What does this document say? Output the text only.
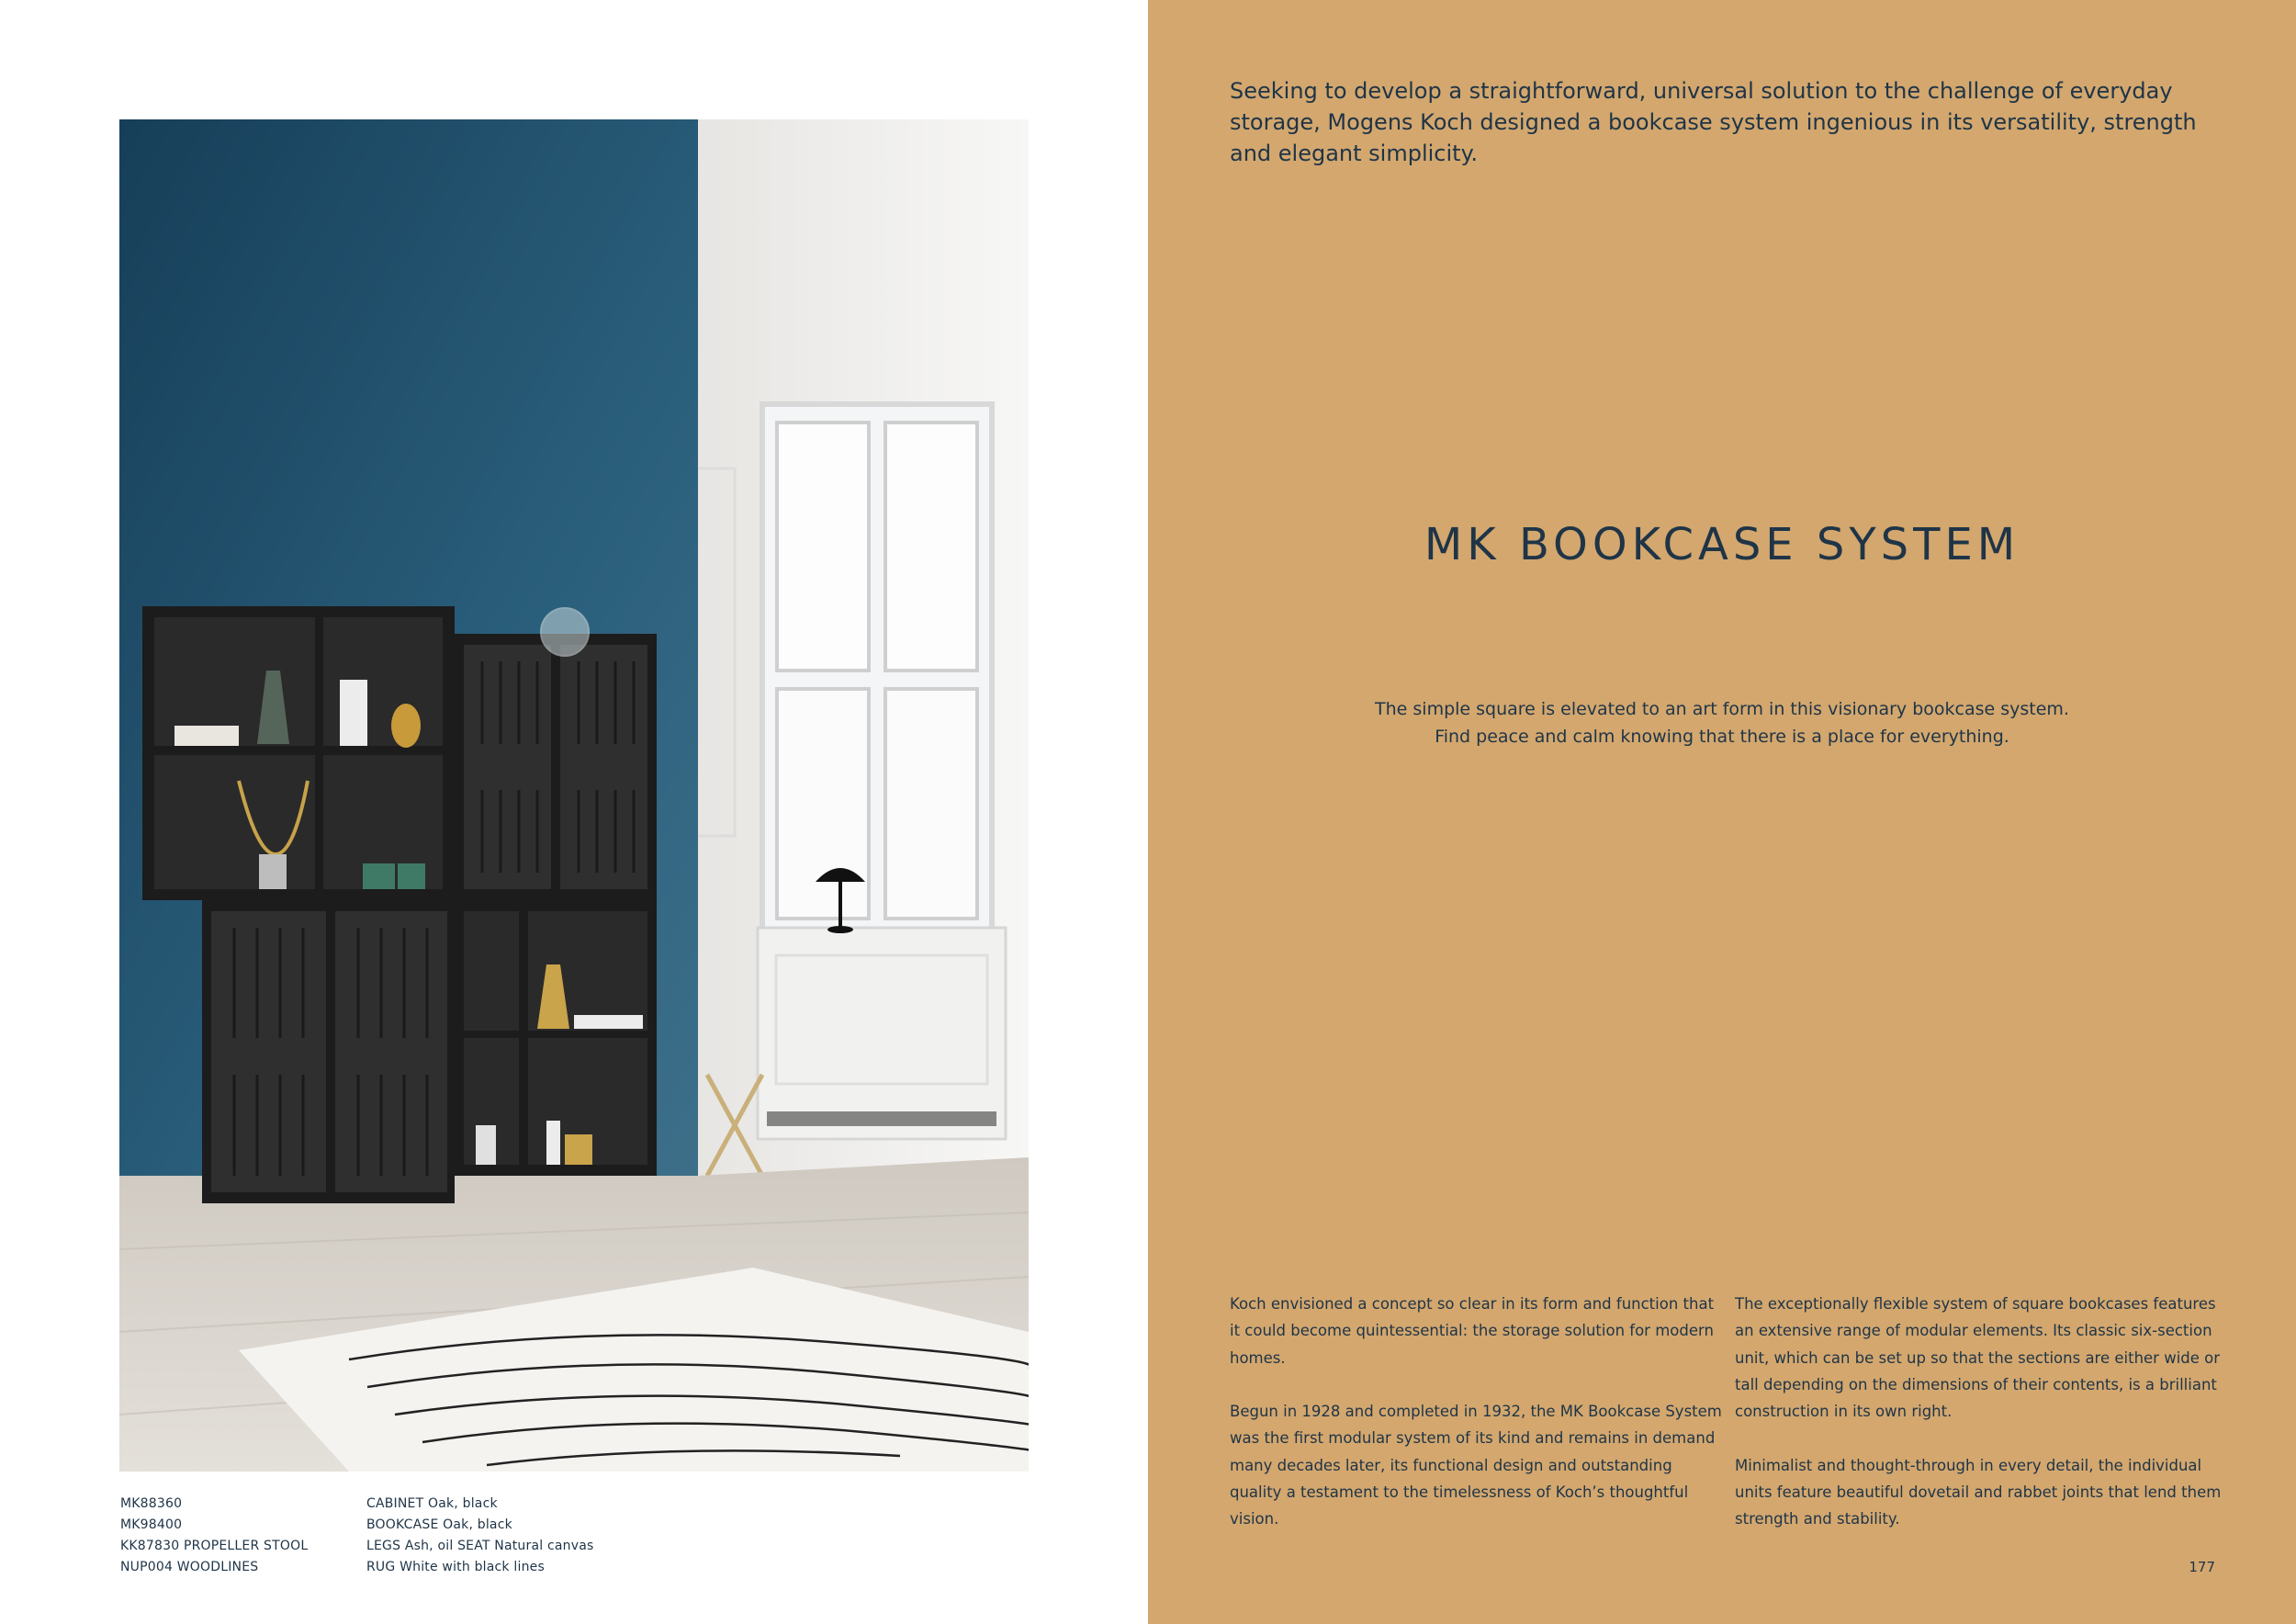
MK88360	CABINET Oak, black
MK98400	BOOKCASE Oak, black
KK87830 PROPELLER STOOL	LEGS Ash, oil SEAT Natural canvas
NUP004 WOODLINES	RUG White with black lines

Seeking to develop a straightforward, universal solution to the challenge of everyday storage, Mogens Koch designed a bookcase system ingenious in its versatility, strength and elegant simplicity.

MK BOOKCASE SYSTEM
The simple square is elevated to an art form in this visionary bookcase system.
Find peace and calm knowing that there is a place for everything.

Koch envisioned a concept so clear in its form and function that it could become quintessential: the storage solution for modern homes.

Begun in 1928 and completed in 1932, the MK Bookcase System was the first modular system of its kind and remains in demand many decades later, its functional design and outstanding quality a testament to the timelessness of Koch’s thoughtful vision.

The exceptionally flexible system of square bookcases features an extensive range of modular elements. Its classic six-section unit, which can be set up so that the sections are either wide or tall depending on the dimensions of their contents, is a brilliant construction in its own right.

Minimalist and thought-through in every detail, the individual units feature beautiful dovetail and rabbet joints that lend them strength and stability.

177
